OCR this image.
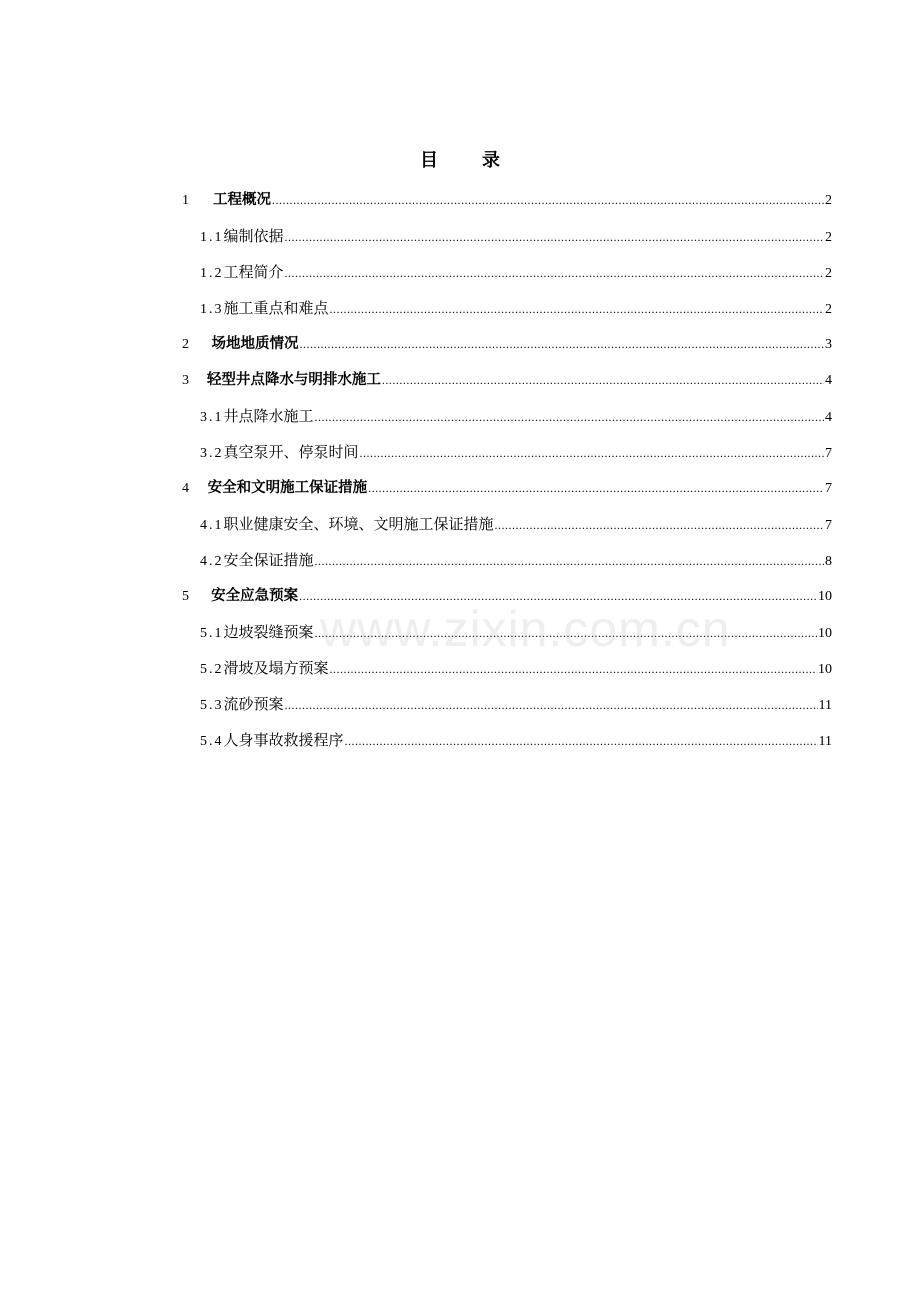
目 录
1	工程概况 .....	2
1.1 编制依据 .....	2
1.2 工程简介 .....	2
1.3 施工重点和难点 .....	2
2	场地地质情况 .....	3
3	轻型井点降水与明排水施工 .....	4
3.1 井点降水施工 .....	4
3.2 真空泵开、停泵时间 .....	7
4	安全和文明施工保证措施 .....	7
4.1 职业健康安全、环境、文明施工保证措施 .....	7
4.2 安全保证措施 .....	8
5	安全应急预案 .....	10
5.1 边坡裂缝预案 .....	10
5.2 滑坡及塌方预案 .....	10
5.3 流砂预案 .....	11
5.4 人身事故救援程序 .....	11
www.zixin.com.cn
